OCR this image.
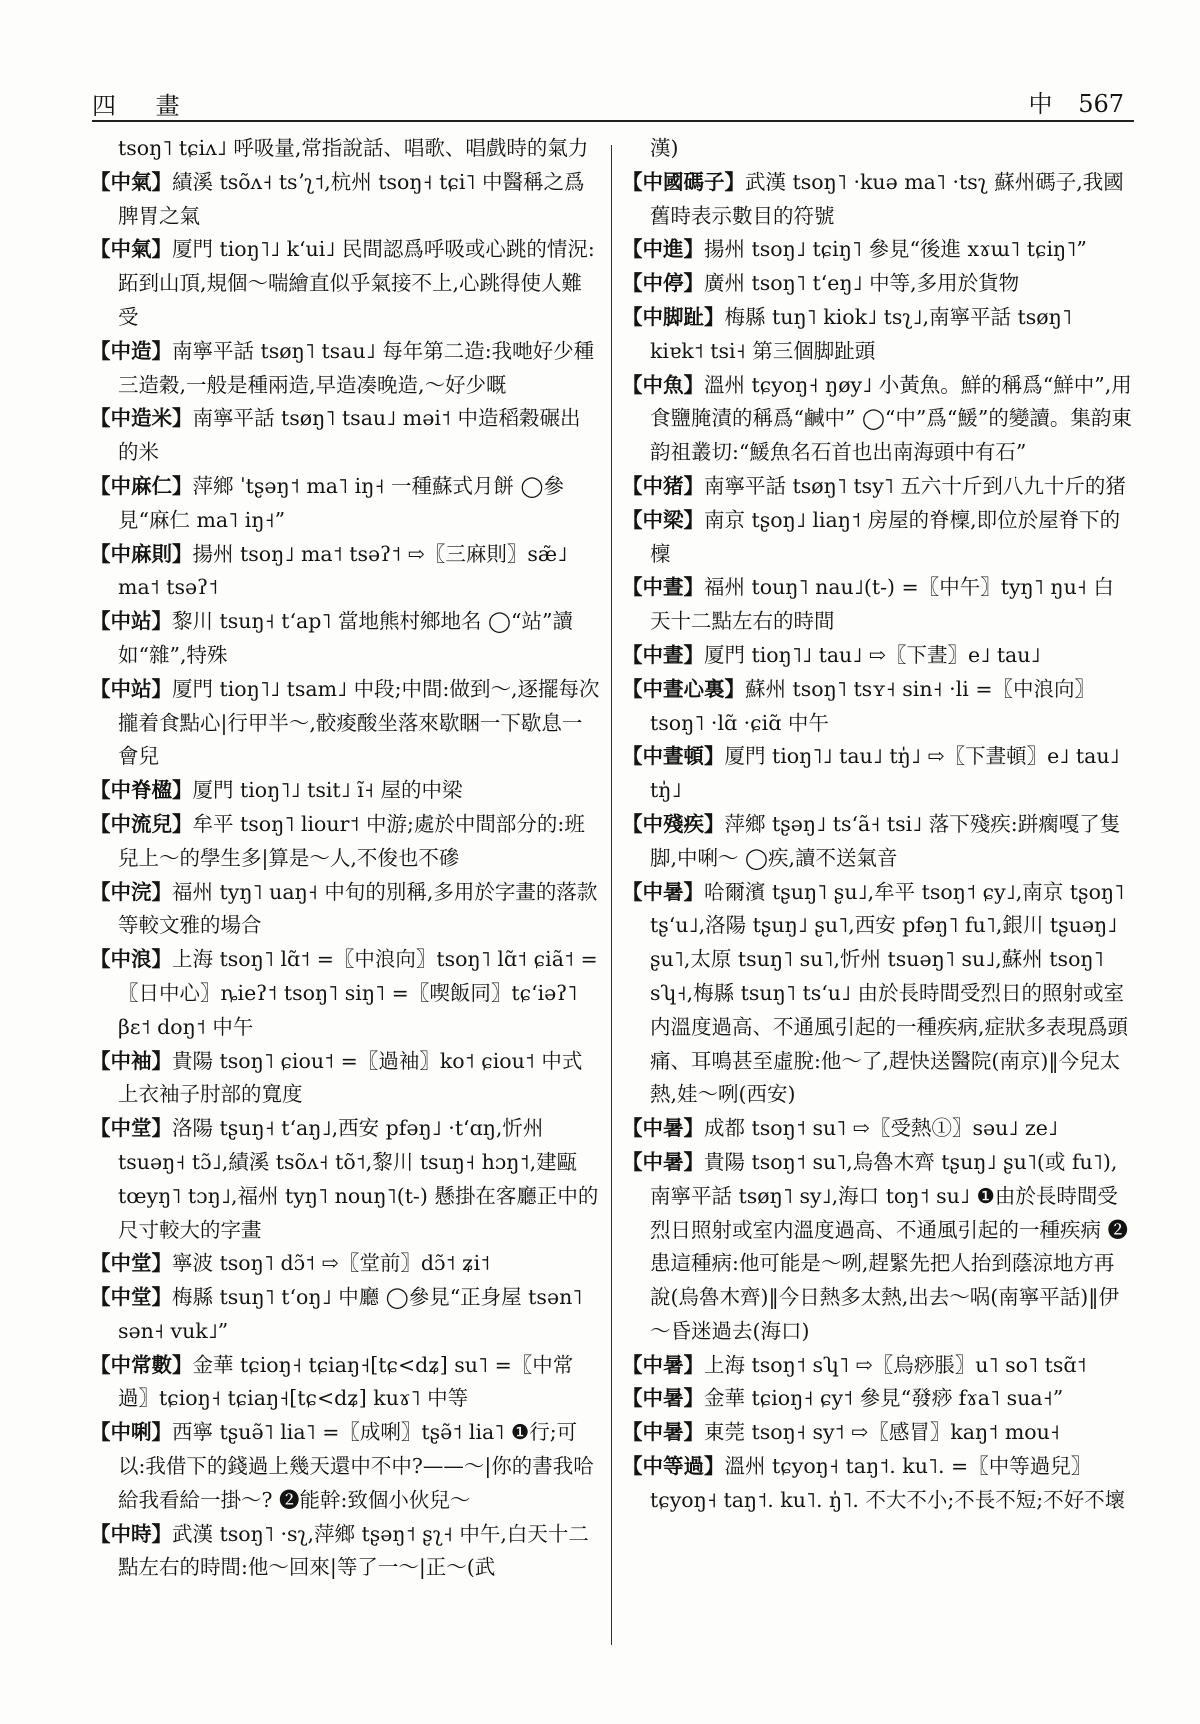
四 畫	中 567

tsoŋ˥ tɕiᴧ˩ 呼吸量,常指說話、唱歌、唱戲時的氣力

【中氣】績溪 tsõʌ˧ tsʼʅ˦,杭州 tsoŋ˧ tɕi˥ 中醫稱之爲脾胃之氣

【中氣】厦門 tioŋ˥˩ kʻui˩ 民間認爲呼吸或心跳的情況:跖到山頂,規個～喘繪直似乎氣接不上,心跳得使人難受

【中造】南寧平話 tsøŋ˥ tsau˩ 每年第二造:我哋好少種三造穀,一般是種兩造,早造凑晚造,～好少嘅

【中造米】南寧平話 tsøŋ˥ tsau˩ məi˦ 中造稻穀碾出的米

【中麻仁】萍鄉 ˈtʂəŋ˦ ma˥ iŋ˧ 一種蘇式月餅 ◯參見“麻仁 ma˥ iŋ˧”

【中麻則】揚州 tsoŋ˩ ma˦ tsəʔ˦ ⇨〖三麻則〗sæ̃˩ ma˦ tsəʔ˦

【中站】黎川 tsuŋ˧ tʻap˥ 當地熊村鄉地名 ◯“站”讀如“雜”,特殊

【中站】厦門 tioŋ˥˩ tsam˩ 中段;中間:做到～,逐擺每次攏着食點心|行甲半～,骹痠酸坐落來歇睏一下歇息一會兒

【中脊楹】厦門 tioŋ˥˩ tsit˩ ĩ˧ 屋的中梁

【中流兒】牟平 tsoŋ˥ liour˦ 中游;處於中間部分的:班兒上～的學生多|算是～人,不俊也不磣

【中浣】福州 tyŋ˥ uaŋ˧ 中旬的別稱,多用於字畫的落款等較文雅的場合

【中浪】上海 tsoŋ˥ lɑ̃˦ =〖中浪向〗tsoŋ˥ lɑ̃˦ ɕiã˦ =〖日中心〗ȵieʔ˦ tsoŋ˥ siŋ˥ =〖喫飯同〗tɕʻiəʔ˥ βɛ˦ doŋ˦ 中午

【中袖】貴陽 tsoŋ˥ ɕiou˦ =〖過袖〗ko˦ ɕiou˦ 中式上衣袖子肘部的寬度

【中堂】洛陽 tʂuŋ˧ tʻaŋ˩,西安 pfəŋ˩ ·tʻɑŋ,忻州 tsuəŋ˧ tɔ̃˩,績溪 tsõʌ˧ tõ˦,黎川 tsuŋ˧ hɔŋ˦,建甌 tœyŋ˥ tɔŋ˩,福州 tyŋ˥ nouŋ˥(t-) 懸掛在客廳正中的尺寸較大的字畫

【中堂】寧波 tsoŋ˥ dɔ̃˦ ⇨〖堂前〗dɔ̃˦ ʑi˦

【中堂】梅縣 tsuŋ˥ tʻoŋ˩ 中廳 ◯參見“正身屋 tsən˥ sən˧ vuk˩”

【中常數】金華 tɕioŋ˧ tɕiaŋ˧[tɕ<dʑ] su˥ =〖中常過〗tɕioŋ˧ tɕiaŋ˧[tɕ<dʑ] kuɤ˥ 中等

【中唎】西寧 tʂuə̃˥ lia˥ =〖成唎〗tʂə̃˦ lia˥ ❶行;可以:我借下的錢過上幾天還中不中?——～|你的書我哈給我看給一掛～? ❷能幹:致個小伙兒～

【中時】武漢 tsoŋ˥ ·sʅ,萍鄉 tʂəŋ˦ ʂʅ˧ 中午,白天十二點左右的時間:他～回來|等了一～|正～(武

漢)

【中國碼子】武漢 tsoŋ˥ ·kuə ma˥ ·tsʅ 蘇州碼子,我國舊時表示數目的符號

【中進】揚州 tsoŋ˩ tɕiŋ˥ 參見“後進 xɤɯ˥ tɕiŋ˥”

【中停】廣州 tsoŋ˥ tʻeŋ˩ 中等,多用於貨物

【中脚趾】梅縣 tuŋ˥ kiok˩ tsʅ˩,南寧平話 tsøŋ˥ kiɐk˦ tsi˧ 第三個脚趾頭

【中魚】溫州 tɕyoŋ˧ ŋøy˩ 小黃魚。鮮的稱爲“鮮中”,用食鹽腌漬的稱爲“鹹中” ◯“中”爲“鰀”的變讀。集韵東韵祖叢切:“鰀魚名石首也出南海頭中有石”

【中猪】南寧平話 tsøŋ˥ tsy˥ 五六十斤到八九十斤的猪

【中梁】南京 tʂoŋ˩ liaŋ˦ 房屋的脊檁,即位於屋脊下的檁

【中晝】福州 touŋ˥ nau˩(t-) =〖中午〗tyŋ˥ ŋu˧ 白天十二點左右的時間

【中晝】厦門 tioŋ˥˩ tau˩ ⇨〖下晝〗e˩ tau˩

【中晝心裏】蘇州 tsoŋ˥ tsʏ˧ sin˧ ·li =〖中浪向〗tsoŋ˥ ·lɑ̃ ·ɕiɑ̃ 中午

【中晝頓】厦門 tioŋ˥˩ tau˩ tŋ̍˩ ⇨〖下晝頓〗e˩ tau˩ tŋ̍˩

【中殘疾】萍鄉 tʂəŋ˩ tsʻã˧ tsi˩ 落下殘疾:跰瘸嘎了隻脚,中唎～ ◯疾,讀不送氣音

【中暑】哈爾濱 tʂuŋ˥ ʂu˩,牟平 tsoŋ˦ ɕy˩,南京 tʂoŋ˥ tʂʻu˩,洛陽 tʂuŋ˩ ʂu˥,西安 pfəŋ˥ fu˥,銀川 tʂuəŋ˩ ʂu˥,太原 tsuŋ˥ su˥,忻州 tsuəŋ˥ su˩,蘇州 tsoŋ˥ sʮ˧,梅縣 tsuŋ˥ tsʻu˩ 由於長時間受烈日的照射或室内溫度過高、不通風引起的一種疾病,症狀多表現爲頭痛、耳鳴甚至虛脫:他～了,趕快送醫院(南京)‖今兒太熱,娃～咧(西安)

【中暑】成都 tsoŋ˦ su˥ ⇨〖受熱①〗səu˩ ze˩

【中暑】貴陽 tsoŋ˦ su˥,烏魯木齊 tʂuŋ˩ ʂu˥(或 fu˥),南寧平話 tsøŋ˥ sy˩,海口 toŋ˦ su˩ ❶由於長時間受烈日照射或室内溫度過高、不通風引起的一種疾病 ❷患這種病:他可能是～咧,趕緊先把人抬到蔭涼地方再說(烏魯木齊)‖今日熱多太熱,出去～㖞(南寧平話)‖伊～昏迷過去(海口)

【中暑】上海 tsoŋ˦ sʮ˥ ⇨〖烏痧脹〗u˥ so˥ tsɑ̃˦

【中暑】金華 tɕioŋ˧ ɕy˦ 參見“發痧 fɤa˥ sua˧”

【中暑】東莞 tsoŋ˧ sy˦ ⇨〖感冒〗kaŋ˦ mou˧

【中等過】溫州 tɕyoŋ˧ taŋ˦. ku˥. =〖中等過兒〗tɕyoŋ˧ taŋ˦. ku˥. ŋ̍˥. 不大不小;不長不短;不好不壞
